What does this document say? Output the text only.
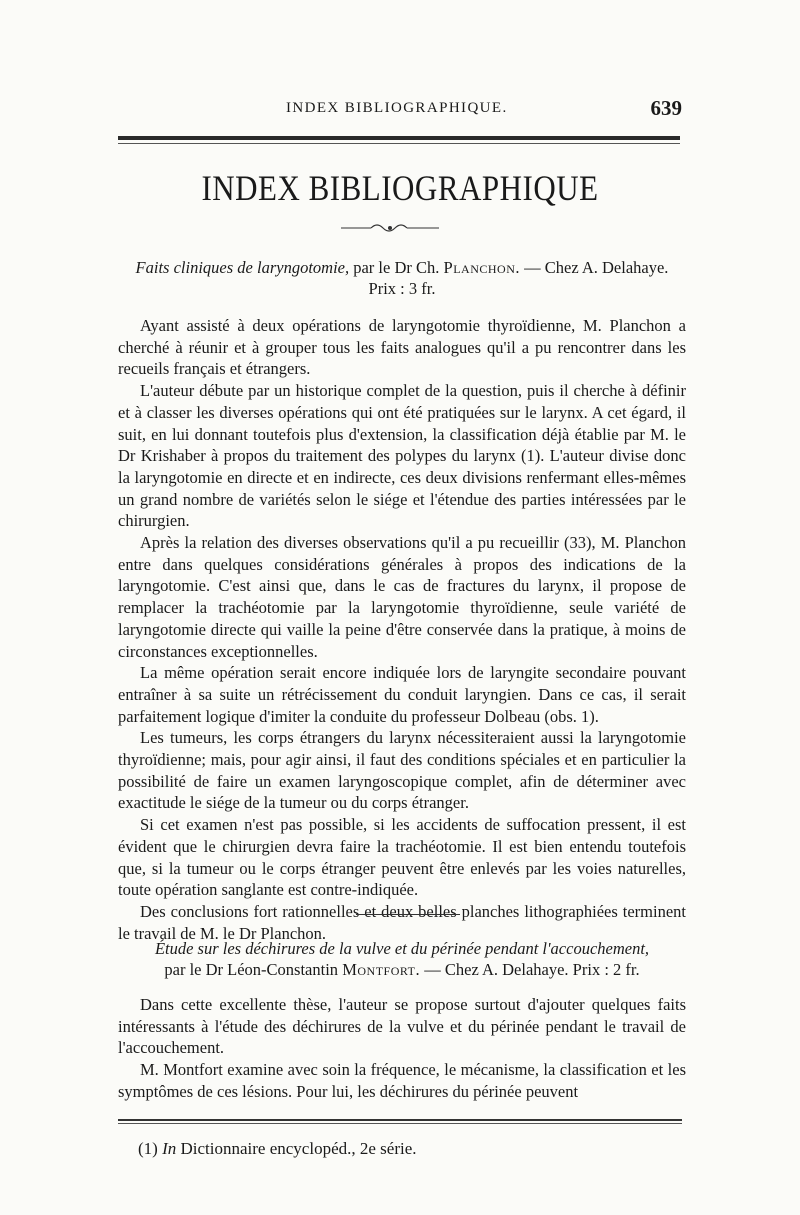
INDEX BIBLIOGRAPHIQUE.	639
INDEX BIBLIOGRAPHIQUE

Faits cliniques de laryngotomie, par le Dr Ch. Planchon. — Chez A. Delahaye.
Prix : 3 fr.

Ayant assisté à deux opérations de laryngotomie thyroïdienne, M. Planchon a cherché à réunir et à grouper tous les faits analogues qu'il a pu rencontrer dans les recueils français et étrangers.

L'auteur débute par un historique complet de la question, puis il cherche à définir et à classer les diverses opérations qui ont été pratiquées sur le larynx. A cet égard, il suit, en lui donnant toutefois plus d'extension, la classification déjà établie par M. le Dr Krishaber à propos du traitement des polypes du larynx (1). L'auteur divise donc la laryngotomie en directe et en indirecte, ces deux divisions renfermant elles-mêmes un grand nombre de variétés selon le siége et l'étendue des parties intéressées par le chirurgien.

Après la relation des diverses observations qu'il a pu recueillir (33), M. Planchon entre dans quelques considérations générales à propos des indications de la laryngotomie. C'est ainsi que, dans le cas de fractures du larynx, il propose de remplacer la trachéotomie par la laryngotomie thyroïdienne, seule variété de laryngotomie directe qui vaille la peine d'être conservée dans la pratique, à moins de circonstances exceptionnelles.

La même opération serait encore indiquée lors de laryngite secondaire pouvant entraîner à sa suite un rétrécissement du conduit laryngien. Dans ce cas, il serait parfaitement logique d'imiter la conduite du professeur Dolbeau (obs. 1).

Les tumeurs, les corps étrangers du larynx nécessiteraient aussi la laryngotomie thyroïdienne; mais, pour agir ainsi, il faut des conditions spéciales et en particulier la possibilité de faire un examen laryngoscopique complet, afin de déterminer avec exactitude le siége de la tumeur ou du corps étranger.

Si cet examen n'est pas possible, si les accidents de suffocation pressent, il est évident que le chirurgien devra faire la trachéotomie. Il est bien entendu toutefois que, si la tumeur ou le corps étranger peuvent être enlevés par les voies naturelles, toute opération sanglante est contre-indiquée.

Des conclusions fort rationnelles et deux belles planches lithographiées terminent le travail de M. le Dr Planchon.

Étude sur les déchirures de la vulve et du périnée pendant l'accouchement,
par le Dr Léon-Constantin Montfort. — Chez A. Delahaye. Prix : 2 fr.

Dans cette excellente thèse, l'auteur se propose surtout d'ajouter quelques faits intéressants à l'étude des déchirures de la vulve et du périnée pendant le travail de l'accouchement.

M. Montfort examine avec soin la fréquence, le mécanisme, la classification et les symptômes de ces lésions. Pour lui, les déchirures du périnée peuvent

(1) In Dictionnaire encyclopéd., 2e série.
